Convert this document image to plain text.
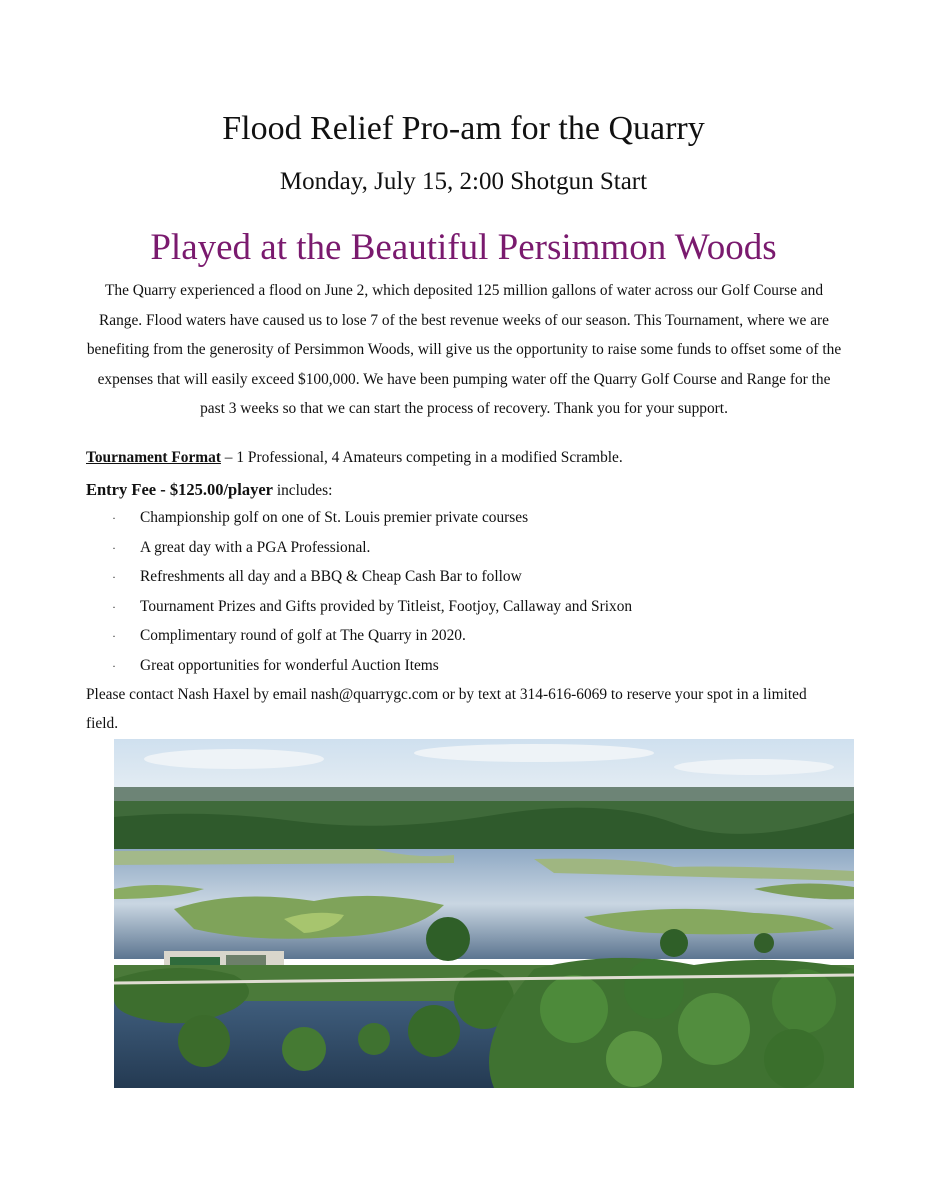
Flood Relief Pro-am for the Quarry
Monday, July 15, 2:00 Shotgun Start
Played at the Beautiful Persimmon Woods
The Quarry experienced a flood on June 2, which deposited 125 million gallons of water across our Golf Course and Range. Flood waters have caused us to lose 7 of the best revenue weeks of our season. This Tournament, where we are benefiting from the generosity of Persimmon Woods, will give us the opportunity to raise some funds to offset some of the expenses that will easily exceed $100,000. We have been pumping water off the Quarry Golf Course and Range for the past 3 weeks so that we can start the process of recovery. Thank you for your support.
Tournament Format – 1 Professional, 4 Amateurs competing in a modified Scramble.
Entry Fee - $125.00/player includes:
· Championship golf on one of St. Louis premier private courses
· A great day with a PGA Professional.
· Refreshments all day and a BBQ & Cheap Cash Bar to follow
· Tournament Prizes and Gifts provided by Titleist, Footjoy, Callaway and Srixon
· Complimentary round of golf at The Quarry in 2020.
· Great opportunities for wonderful Auction Items
Please contact Nash Haxel by email nash@quarrygc.com or by text at 314-616-6069 to reserve your spot in a limited field.
